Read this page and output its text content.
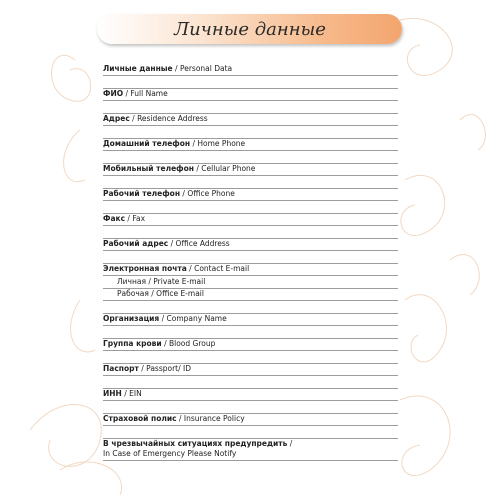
Личные данные
Личные данные / Personal Data
ФИО / Full Name
Адрес / Residence Address
Домашний телефон / Home Phone
Мобильный телефон / Cellular Phone
Рабочий телефон / Office Phone
Факс / Fax
Рабочий адрес / Office Address
Электронная почта / Contact E-mail
Личная / Private E-mail
Рабочая / Office E-mail
Организация / Company Name
Группа крови / Blood Group
Паспорт / Passport/ ID
ИНН / EIN
Страховой полис / Insurance Policy
В чрезвычайных ситуациях предупредить /
In Case of Emergency Please Notify
